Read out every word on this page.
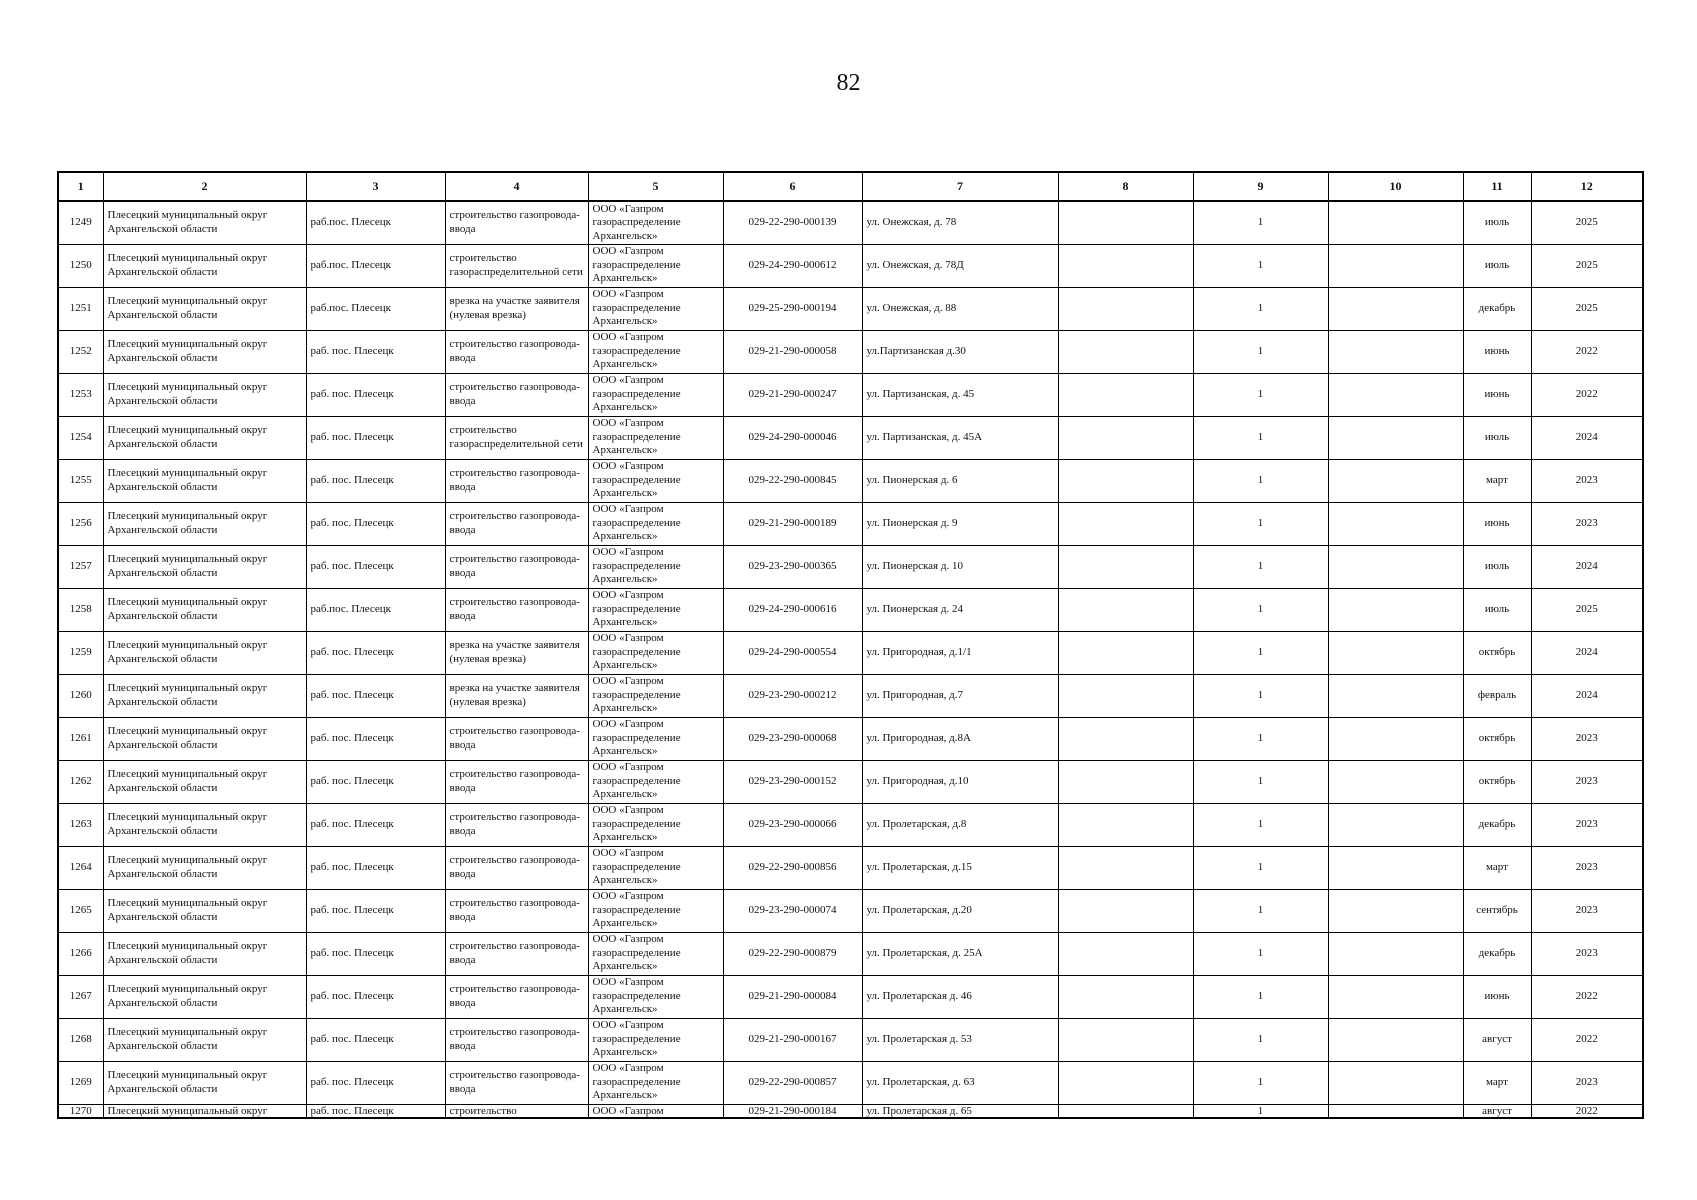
82
1	2	3	4	5	6	7	8	9	10	11	12
1249	Плесецкий муниципальный округ Архангельской области	раб.пос. Плесецк	строительство газопровода-ввода	ООО «Газпром газораспределение Архангельск»	029-22-290-000139	ул. Онежская, д. 78		1		июль	2025
1250	Плесецкий муниципальный округ Архангельской области	раб.пос. Плесецк	строительство газораспределительной сети	ООО «Газпром газораспределение Архангельск»	029-24-290-000612	ул. Онежская, д. 78Д		1		июль	2025
1251	Плесецкий муниципальный округ Архангельской области	раб.пос. Плесецк	врезка на участке заявителя (нулевая врезка)	ООО «Газпром газораспределение Архангельск»	029-25-290-000194	ул. Онежская, д. 88		1		декабрь	2025
1252	Плесецкий муниципальный округ Архангельской области	раб. пос. Плесецк	строительство газопровода-ввода	ООО «Газпром газораспределение Архангельск»	029-21-290-000058	ул.Партизанская д.30		1		июнь	2022
1253	Плесецкий муниципальный округ Архангельской области	раб. пос. Плесецк	строительство газопровода-ввода	ООО «Газпром газораспределение Архангельск»	029-21-290-000247	ул. Партизанская, д. 45		1		июнь	2022
1254	Плесецкий муниципальный округ Архангельской области	раб. пос. Плесецк	строительство газораспределительной сети	ООО «Газпром газораспределение Архангельск»	029-24-290-000046	ул. Партизанская, д. 45А		1		июль	2024
1255	Плесецкий муниципальный округ Архангельской области	раб. пос. Плесецк	строительство газопровода-ввода	ООО «Газпром газораспределение Архангельск»	029-22-290-000845	ул. Пионерская д. 6		1		март	2023
1256	Плесецкий муниципальный округ Архангельской области	раб. пос. Плесецк	строительство газопровода-ввода	ООО «Газпром газораспределение Архангельск»	029-21-290-000189	ул. Пионерская д. 9		1		июнь	2023
1257	Плесецкий муниципальный округ Архангельской области	раб. пос. Плесецк	строительство газопровода-ввода	ООО «Газпром газораспределение Архангельск»	029-23-290-000365	ул. Пионерская д. 10		1		июль	2024
1258	Плесецкий муниципальный округ Архангельской области	раб.пос. Плесецк	строительство газопровода-ввода	ООО «Газпром газораспределение Архангельск»	029-24-290-000616	ул. Пионерская д. 24		1		июль	2025
1259	Плесецкий муниципальный округ Архангельской области	раб. пос. Плесецк	врезка на участке заявителя (нулевая врезка)	ООО «Газпром газораспределение Архангельск»	029-24-290-000554	ул. Пригородная, д.1/1		1		октябрь	2024
1260	Плесецкий муниципальный округ Архангельской области	раб. пос. Плесецк	врезка на участке заявителя (нулевая врезка)	ООО «Газпром газораспределение Архангельск»	029-23-290-000212	ул. Пригородная, д.7		1		февраль	2024
1261	Плесецкий муниципальный округ Архангельской области	раб. пос. Плесецк	строительство газопровода-ввода	ООО «Газпром газораспределение Архангельск»	029-23-290-000068	ул. Пригородная, д.8А		1		октябрь	2023
1262	Плесецкий муниципальный округ Архангельской области	раб. пос. Плесецк	строительство газопровода-ввода	ООО «Газпром газораспределение Архангельск»	029-23-290-000152	ул. Пригородная, д.10		1		октябрь	2023
1263	Плесецкий муниципальный округ Архангельской области	раб. пос. Плесецк	строительство газопровода-ввода	ООО «Газпром газораспределение Архангельск»	029-23-290-000066	ул. Пролетарская, д.8		1		декабрь	2023
1264	Плесецкий муниципальный округ Архангельской области	раб. пос. Плесецк	строительство газопровода-ввода	ООО «Газпром газораспределение Архангельск»	029-22-290-000856	ул. Пролетарская, д.15		1		март	2023
1265	Плесецкий муниципальный округ Архангельской области	раб. пос. Плесецк	строительство газопровода-ввода	ООО «Газпром газораспределение Архангельск»	029-23-290-000074	ул. Пролетарская, д.20		1		сентябрь	2023
1266	Плесецкий муниципальный округ Архангельской области	раб. пос. Плесецк	строительство газопровода-ввода	ООО «Газпром газораспределение Архангельск»	029-22-290-000879	ул. Пролетарская, д. 25А		1		декабрь	2023
1267	Плесецкий муниципальный округ Архангельской области	раб. пос. Плесецк	строительство газопровода-ввода	ООО «Газпром газораспределение Архангельск»	029-21-290-000084	ул. Пролетарская д. 46		1		июнь	2022
1268	Плесецкий муниципальный округ Архангельской области	раб. пос. Плесецк	строительство газопровода-ввода	ООО «Газпром газораспределение Архангельск»	029-21-290-000167	ул. Пролетарская д. 53		1		август	2022
1269	Плесецкий муниципальный округ Архангельской области	раб. пос. Плесецк	строительство газопровода-ввода	ООО «Газпром газораспределение Архангельск»	029-22-290-000857	ул. Пролетарская, д. 63		1		март	2023
1270	Плесецкий муниципальный округ	раб. пос. Плесецк	строительство	ООО «Газпром	029-21-290-000184	ул. Пролетарская д. 65		1		август	2022
